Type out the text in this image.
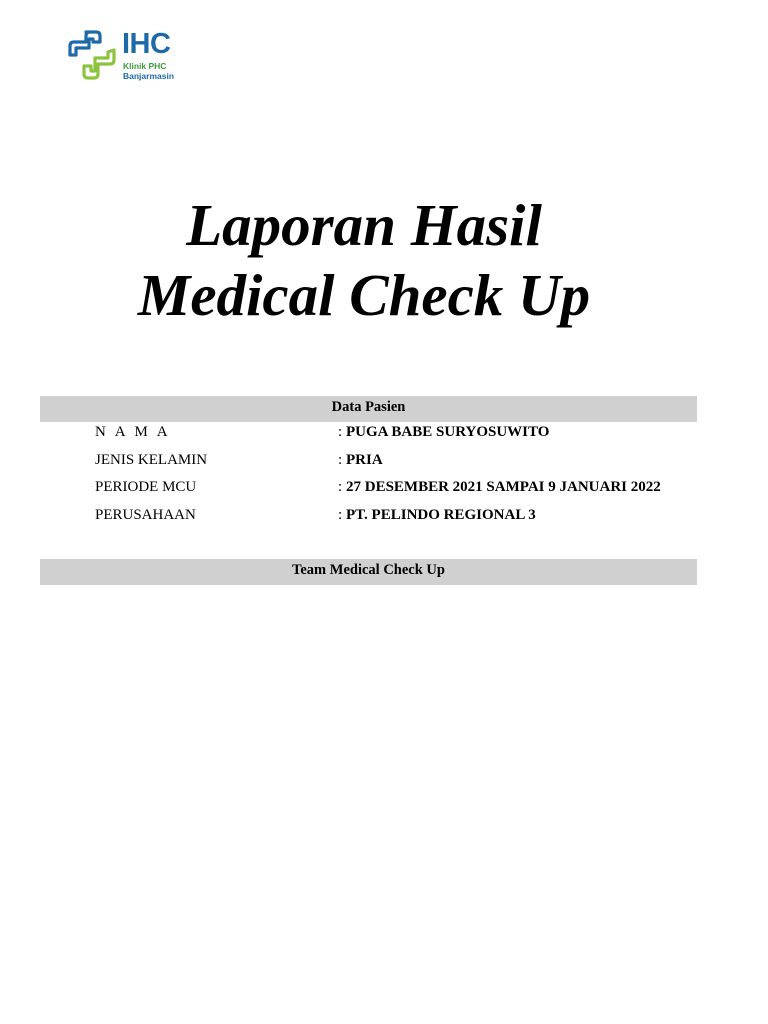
IHC
Klinik PHC
Banjarmasin
Laporan Hasil
Medical Check Up
Data Pasien
N A M A	: PUGA BABE SURYOSUWITO
JENIS KELAMIN	: PRIA
PERIODE MCU	: 27 DESEMBER 2021 SAMPAI 9 JANUARI 2022
PERUSAHAAN	: PT. PELINDO REGIONAL 3
Team Medical Check Up
